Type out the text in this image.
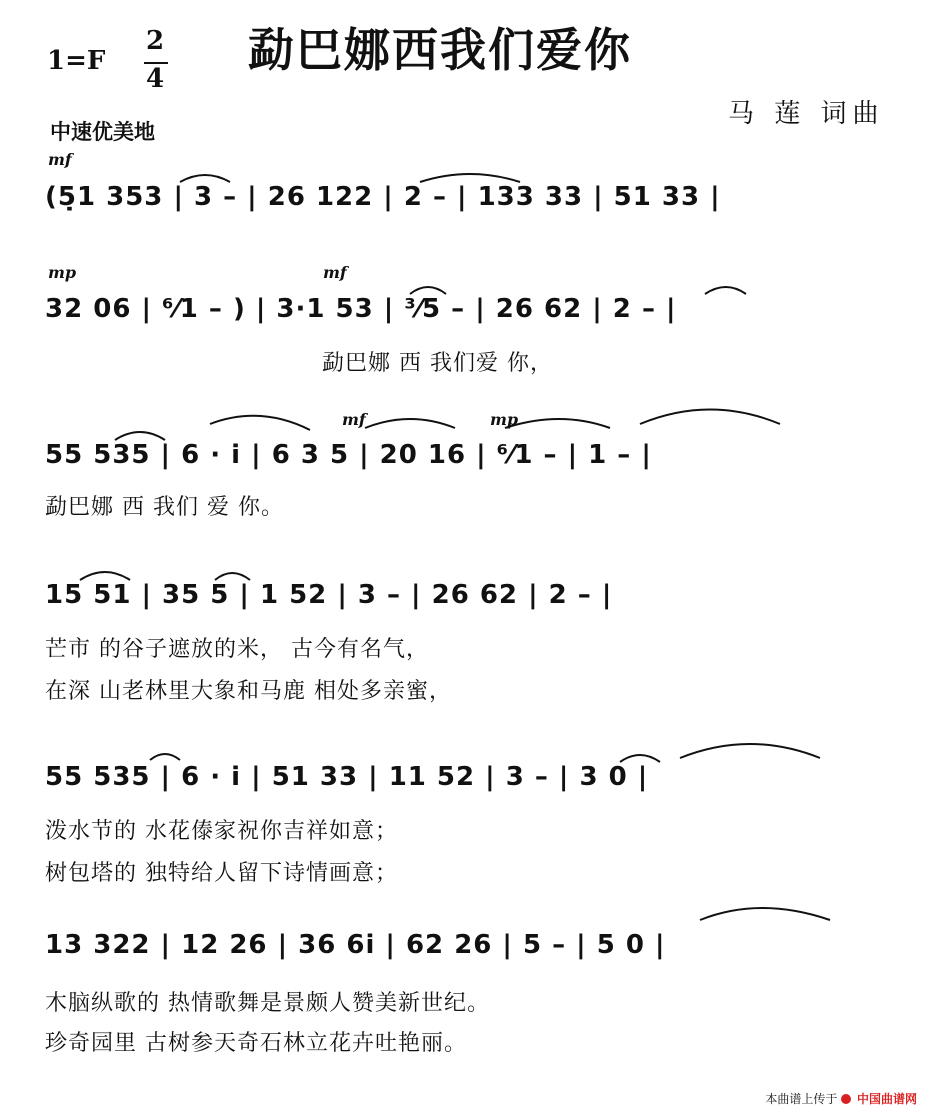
勐巴娜西我们爱你
1=F
2
4
中速优美地
马 莲 词曲
mf
mp	mf
mf	mp
(5̣1 353 | 3 – | 26 122 | 2 – | 133 33 | 51 33 |
32 06 | ⁶⁄1 – ) | 3·1 53 | ³⁄5 – | 26 62 | 2 – |
勐巴娜 西 我们爱 你，
55 535 | 6 · i | 6 3 5 | 20 16 | ⁶⁄1 – | 1 – |
勐巴娜 西 我们 爱 你。
15 51 | 35 5 | 1 52 | 3 – | 26 62 | 2 – |
芒市 的谷子遮放的米， 古今有名气，
在深 山老林里大象和马鹿 相处多亲蜜，
55 535 | 6 · i | 51 33 | 11 52 | 3 – | 3 0 |
泼水节的 水花傣家祝你吉祥如意；
树包塔的 独特给人留下诗情画意；
13 322 | 12 26 | 36 6i | 62 26 | 5 – | 5 0 |
木脑纵歌的 热情歌舞是景颇人赞美新世纪。
珍奇园里 古树参天奇石林立花卉吐艳丽。
本曲谱上传于 中国曲谱网
